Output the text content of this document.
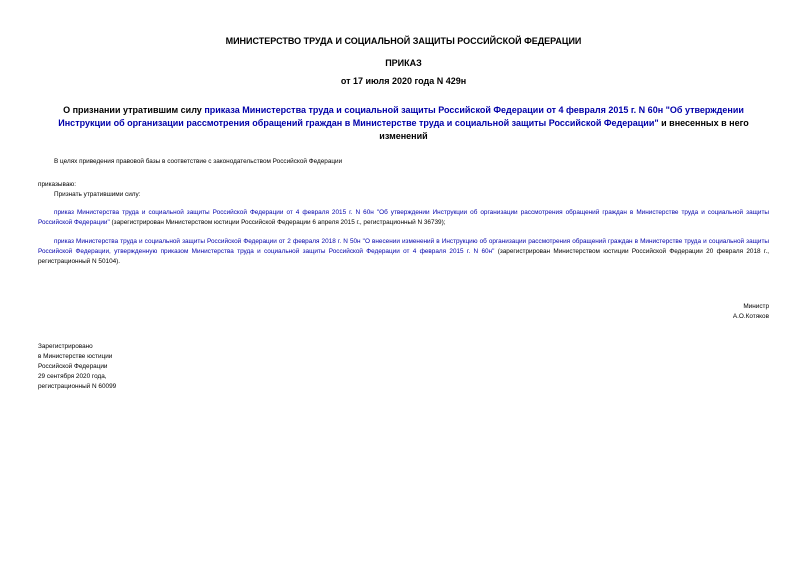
МИНИСТЕРСТВО ТРУДА И СОЦИАЛЬНОЙ ЗАЩИТЫ РОССИЙСКОЙ ФЕДЕРАЦИИ

ПРИКАЗ

от 17 июля 2020 года N 429н

О признании утратившим силу приказа Министерства труда и социальной защиты Российской Федерации от 4 февраля 2015 г. N 60н "Об утверждении Инструкции об организации рассмотрения обращений граждан в Министерстве труда и социальной защиты Российской Федерации" и внесенных в него изменений

В целях приведения правовой базы в соответствие с законодательством Российской Федерации

приказываю:

Признать утратившими силу:

приказ Министерства труда и социальной защиты Российской Федерации от 4 февраля 2015 г. N 60н "Об утверждении Инструкции об организации рассмотрения обращений граждан в Министерстве труда и социальной защиты Российской Федерации" (зарегистрирован Министерством юстиции Российской Федерации 6 апреля 2015 г., регистрационный N 36739);

приказ Министерства труда и социальной защиты Российской Федерации от 2 февраля 2018 г. N 50н "О внесении изменений в Инструкцию об организации рассмотрения обращений граждан в Министерстве труда и социальной защиты Российской Федерации, утвержденную приказом Министерства труда и социальной защиты Российской Федерации от 4 февраля 2015 г. N 60н" (зарегистрирован Министерством юстиции Российской Федерации 20 февраля 2018 г., регистрационный N 50104).

Министр

А.О.Котяков

Зарегистрировано
в Министерстве юстиции
Российской Федерации
29 сентября 2020 года,
регистрационный N 60099
